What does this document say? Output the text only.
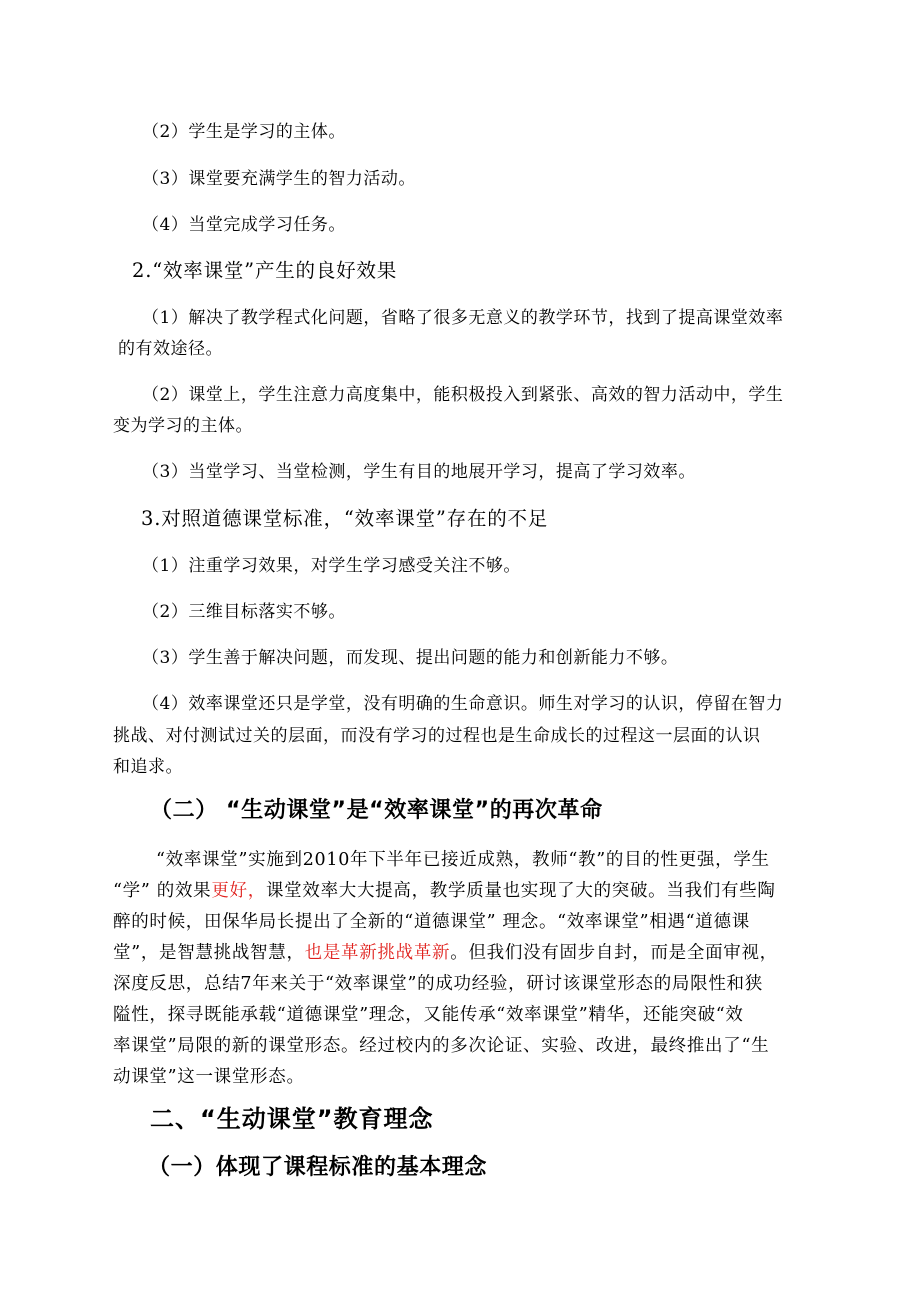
（2）学生是学习的主体。
（3）课堂要充满学生的智力活动。
（4）当堂完成学习任务。
2.“效率课堂”产生的良好效果
（1）解决了教学程式化问题，省略了很多无意义的教学环节，找到了提高课堂效率
的有效途径。
（2）课堂上，学生注意力高度集中，能积极投入到紧张、高效的智力活动中，学生
变为学习的主体。
（3）当堂学习、当堂检测，学生有目的地展开学习，提高了学习效率。
3.对照道德课堂标准，“效率课堂”存在的不足
（1）注重学习效果，对学生学习感受关注不够。
（2）三维目标落实不够。
（3）学生善于解决问题，而发现、提出问题的能力和创新能力不够。
（4）效率课堂还只是学堂，没有明确的生命意识。师生对学习的认识，停留在智力
挑战、对付测试过关的层面，而没有学习的过程也是生命成长的过程这一层面的认识
和追求。
（二） “生动课堂”是“效率课堂”的再次革命
“效率课堂”实施到2010年下半年已接近成熟，教师“教”的目的性更强，学生
“学” 的效果更好，课堂效率大大提高，教学质量也实现了大的突破。当我们有些陶
醉的时候，田保华局长提出了全新的“道德课堂” 理念。“效率课堂”相遇“道德课
堂”，是智慧挑战智慧，也是革新挑战革新。但我们没有固步自封，而是全面审视，
深度反思，总结7年来关于“效率课堂”的成功经验，研讨该课堂形态的局限性和狭
隘性，探寻既能承载“道德课堂”理念，又能传承“效率课堂”精华，还能突破“效
率课堂”局限的新的课堂形态。经过校内的多次论证、实验、改进，最终推出了“生
动课堂”这一课堂形态。
二、“生动课堂”教育理念
（一）体现了课程标准的基本理念
